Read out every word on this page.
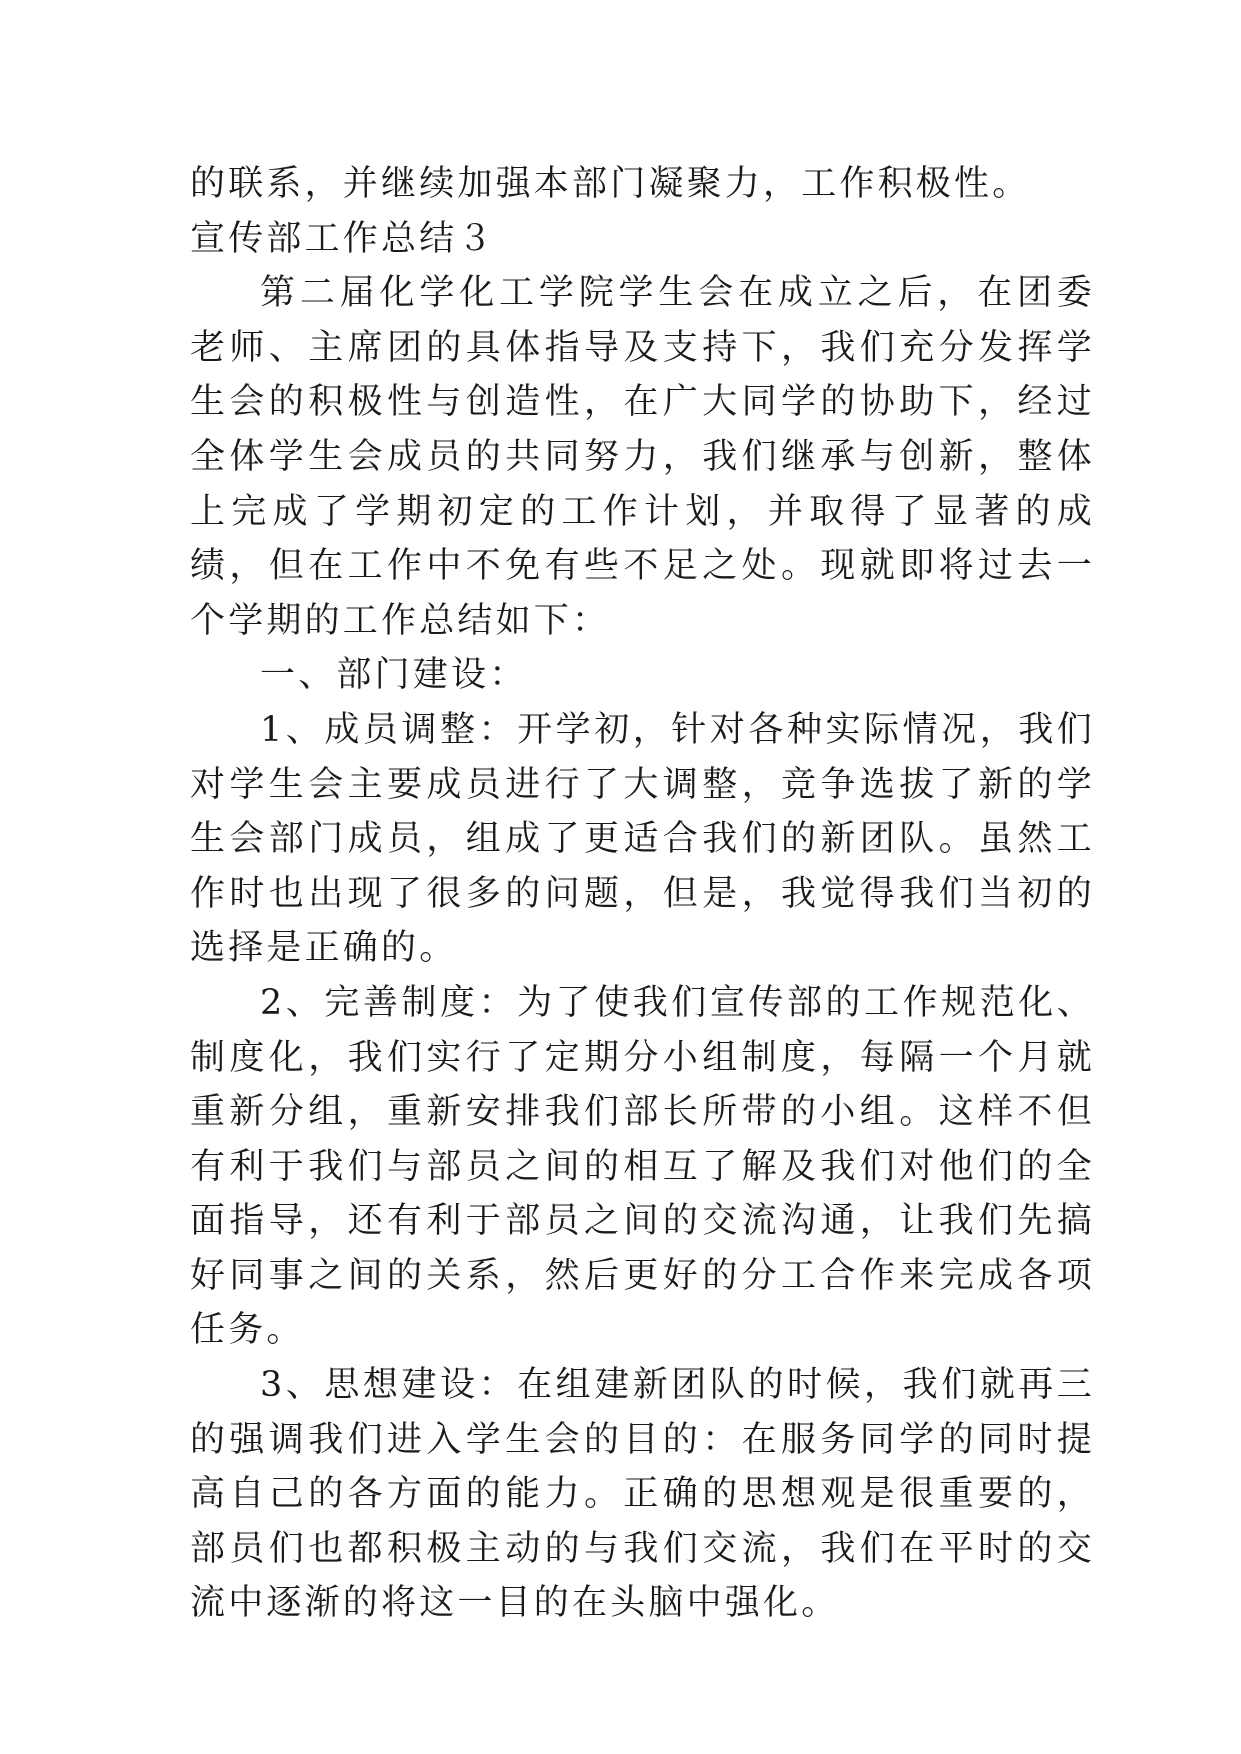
的联系，并继续加强本部门凝聚力，工作积极性。

宣传部工作总结３

第二届化学化工学院学生会在成立之后，在团委老师、主席团的具体指导及支持下，我们充分发挥学生会的积极性与创造性，在广大同学的协助下，经过全体学生会成员的共同努力，我们继承与创新，整体上完成了学期初定的工作计划，并取得了显著的成绩，但在工作中不免有些不足之处。现就即将过去一个学期的工作总结如下：

一、部门建设：

1、成员调整：开学初，针对各种实际情况，我们对学生会主要成员进行了大调整，竞争选拔了新的学生会部门成员，组成了更适合我们的新团队。虽然工作时也出现了很多的问题，但是，我觉得我们当初的选择是正确的。

2、完善制度：为了使我们宣传部的工作规范化、制度化，我们实行了定期分小组制度，每隔一个月就重新分组，重新安排我们部长所带的小组。这样不但有利于我们与部员之间的相互了解及我们对他们的全面指导，还有利于部员之间的交流沟通，让我们先搞好同事之间的关系，然后更好的分工合作来完成各项任务。

3、思想建设：在组建新团队的时候，我们就再三的强调我们进入学生会的目的：在服务同学的同时提高自己的各方面的能力。正确的思想观是很重要的，部员们也都积极主动的与我们交流，我们在平时的交流中逐渐的将这一目的在头脑中强化。
